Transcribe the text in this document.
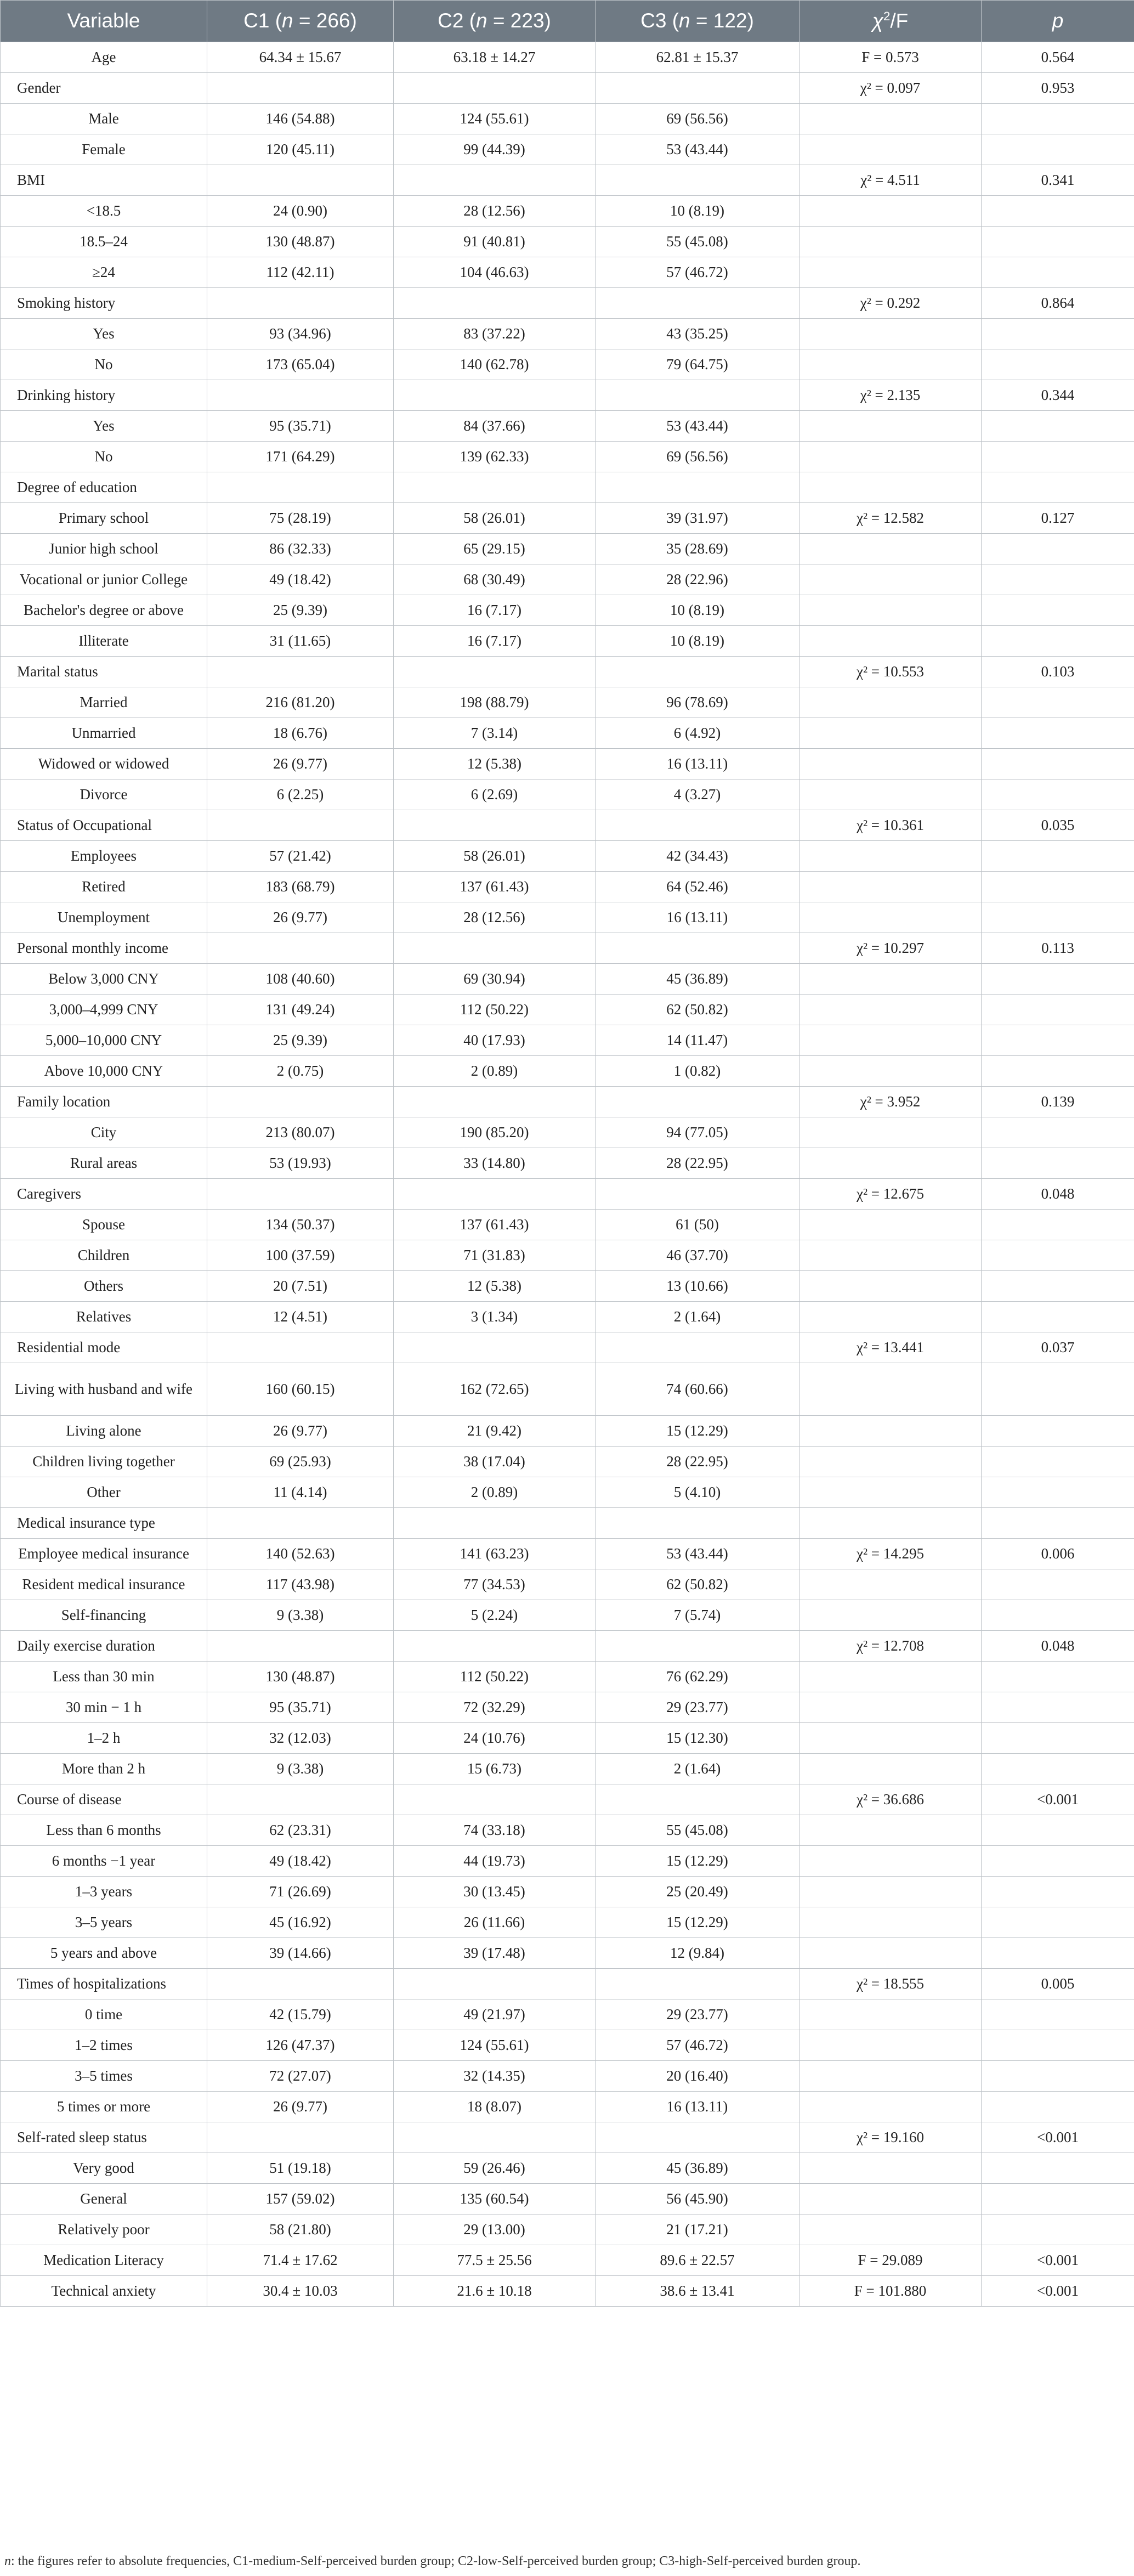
Variable	C1 (n = 266)	C2 (n = 223)	C3 (n = 122)	$\chi^2/F$	p
Age	64.34 ± 15.67	63.18 ± 14.27	62.81 ± 15.37	F = 0.573	0.564
Gender				χ² = 0.097	0.953
Male	146 (54.88)	124 (55.61)	69 (56.56)		
Female	120 (45.11)	99 (44.39)	53 (43.44)		
BMI				χ² = 4.511	0.341
<18.5	24 (0.90)	28 (12.56)	10 (8.19)		
18.5–24	130 (48.87)	91 (40.81)	55 (45.08)		
≥24	112 (42.11)	104 (46.63)	57 (46.72)		
Smoking history				χ² = 0.292	0.864
Yes	93 (34.96)	83 (37.22)	43 (35.25)		
No	173 (65.04)	140 (62.78)	79 (64.75)		
Drinking history				χ² = 2.135	0.344
Yes	95 (35.71)	84 (37.66)	53 (43.44)		
No	171 (64.29)	139 (62.33)	69 (56.56)		
Degree of education					
Primary school	75 (28.19)	58 (26.01)	39 (31.97)	χ² = 12.582	0.127
Junior high school	86 (32.33)	65 (29.15)	35 (28.69)		
Vocational or junior College	49 (18.42)	68 (30.49)	28 (22.96)		
Bachelor's degree or above	25 (9.39)	16 (7.17)	10 (8.19)		
Illiterate	31 (11.65)	16 (7.17)	10 (8.19)		
Marital status				χ² = 10.553	0.103
Married	216 (81.20)	198 (88.79)	96 (78.69)		
Unmarried	18 (6.76)	7 (3.14)	6 (4.92)		
Widowed or widowed	26 (9.77)	12 (5.38)	16 (13.11)		
Divorce	6 (2.25)	6 (2.69)	4 (3.27)		
Status of Occupational				χ² = 10.361	0.035
Employees	57 (21.42)	58 (26.01)	42 (34.43)		
Retired	183 (68.79)	137 (61.43)	64 (52.46)		
Unemployment	26 (9.77)	28 (12.56)	16 (13.11)		
Personal monthly income				χ² = 10.297	0.113
Below 3,000 CNY	108 (40.60)	69 (30.94)	45 (36.89)		
3,000–4,999 CNY	131 (49.24)	112 (50.22)	62 (50.82)		
5,000–10,000 CNY	25 (9.39)	40 (17.93)	14 (11.47)		
Above 10,000 CNY	2 (0.75)	2 (0.89)	1 (0.82)		
Family location				χ² = 3.952	0.139
City	213 (80.07)	190 (85.20)	94 (77.05)		
Rural areas	53 (19.93)	33 (14.80)	28 (22.95)		
Caregivers				χ² = 12.675	0.048
Spouse	134 (50.37)	137 (61.43)	61 (50)		
Children	100 (37.59)	71 (31.83)	46 (37.70)		
Others	20 (7.51)	12 (5.38)	13 (10.66)		
Relatives	12 (4.51)	3 (1.34)	2 (1.64)		
Residential mode				χ² = 13.441	0.037
Living with husband and wife	160 (60.15)	162 (72.65)	74 (60.66)		
Living alone	26 (9.77)	21 (9.42)	15 (12.29)		
Children living together	69 (25.93)	38 (17.04)	28 (22.95)		
Other	11 (4.14)	2 (0.89)	5 (4.10)		
Medical insurance type					
Employee medical insurance	140 (52.63)	141 (63.23)	53 (43.44)	χ² = 14.295	0.006
Resident medical insurance	117 (43.98)	77 (34.53)	62 (50.82)		
Self-financing	9 (3.38)	5 (2.24)	7 (5.74)		
Daily exercise duration				χ² = 12.708	0.048
Less than 30 min	130 (48.87)	112 (50.22)	76 (62.29)		
30 min − 1 h	95 (35.71)	72 (32.29)	29 (23.77)		
1–2 h	32 (12.03)	24 (10.76)	15 (12.30)		
More than 2 h	9 (3.38)	15 (6.73)	2 (1.64)		
Course of disease				χ² = 36.686	<0.001
Less than 6 months	62 (23.31)	74 (33.18)	55 (45.08)		
6 months −1 year	49 (18.42)	44 (19.73)	15 (12.29)		
1–3 years	71 (26.69)	30 (13.45)	25 (20.49)		
3–5 years	45 (16.92)	26 (11.66)	15 (12.29)		
5 years and above	39 (14.66)	39 (17.48)	12 (9.84)		
Times of hospitalizations				χ² = 18.555	0.005
0 time	42 (15.79)	49 (21.97)	29 (23.77)		
1–2 times	126 (47.37)	124 (55.61)	57 (46.72)		
3–5 times	72 (27.07)	32 (14.35)	20 (16.40)		
5 times or more	26 (9.77)	18 (8.07)	16 (13.11)		
Self-rated sleep status				χ² = 19.160	<0.001
Very good	51 (19.18)	59 (26.46)	45 (36.89)		
General	157 (59.02)	135 (60.54)	56 (45.90)		
Relatively poor	58 (21.80)	29 (13.00)	21 (17.21)		
Medication Literacy	71.4 ± 17.62	77.5 ± 25.56	89.6 ± 22.57	F = 29.089	<0.001
Technical anxiety	30.4 ± 10.03	21.6 ± 10.18	38.6 ± 13.41	F = 101.880	<0.001
n: the figures refer to absolute frequencies, C1-medium-Self-perceived burden group; C2-low-Self-perceived burden group; C3-high-Self-perceived burden group.
